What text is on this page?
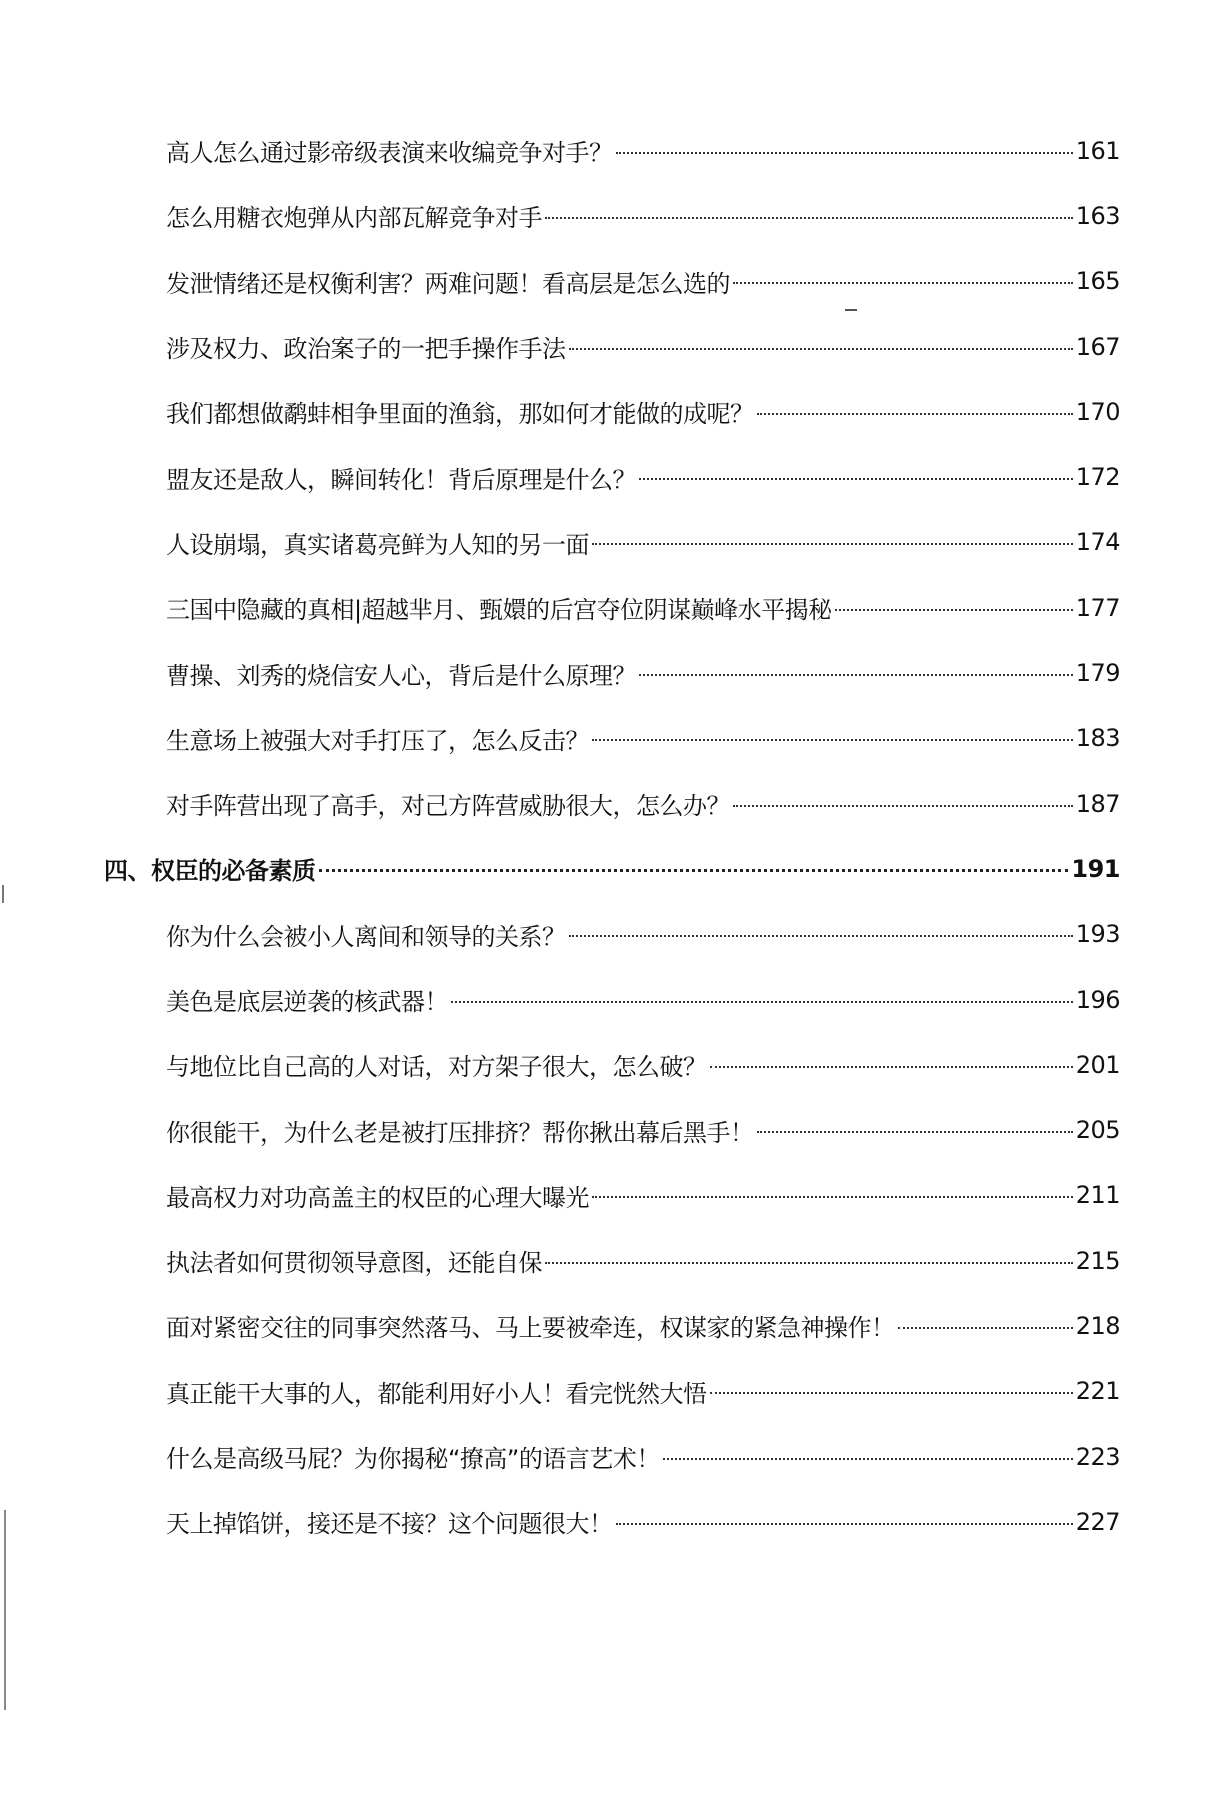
高人怎么通过影帝级表演来收编竞争对手？	161
怎么用糖衣炮弹从内部瓦解竞争对手	163
发泄情绪还是权衡利害？两难问题！看高层是怎么选的	165
涉及权力、政治案子的一把手操作手法	167
我们都想做鹬蚌相争里面的渔翁，那如何才能做的成呢？	170
盟友还是敌人，瞬间转化！背后原理是什么？	172
人设崩塌，真实诸葛亮鲜为人知的另一面	174
三国中隐藏的真相|超越芈月、甄嬛的后宫夺位阴谋巅峰水平揭秘	177
曹操、刘秀的烧信安人心，背后是什么原理？	179
生意场上被强大对手打压了，怎么反击？	183
对手阵营出现了高手，对己方阵营威胁很大，怎么办？	187
四、权臣的必备素质	191
你为什么会被小人离间和领导的关系？	193
美色是底层逆袭的核武器！	196
与地位比自己高的人对话，对方架子很大，怎么破？	201
你很能干，为什么老是被打压排挤？帮你揪出幕后黑手！	205
最高权力对功高盖主的权臣的心理大曝光	211
执法者如何贯彻领导意图，还能自保	215
面对紧密交往的同事突然落马、马上要被牵连，权谋家的紧急神操作！	218
真正能干大事的人，都能利用好小人！看完恍然大悟	221
什么是高级马屁？为你揭秘“撩高”的语言艺术！	223
天上掉馅饼，接还是不接？这个问题很大！	227
